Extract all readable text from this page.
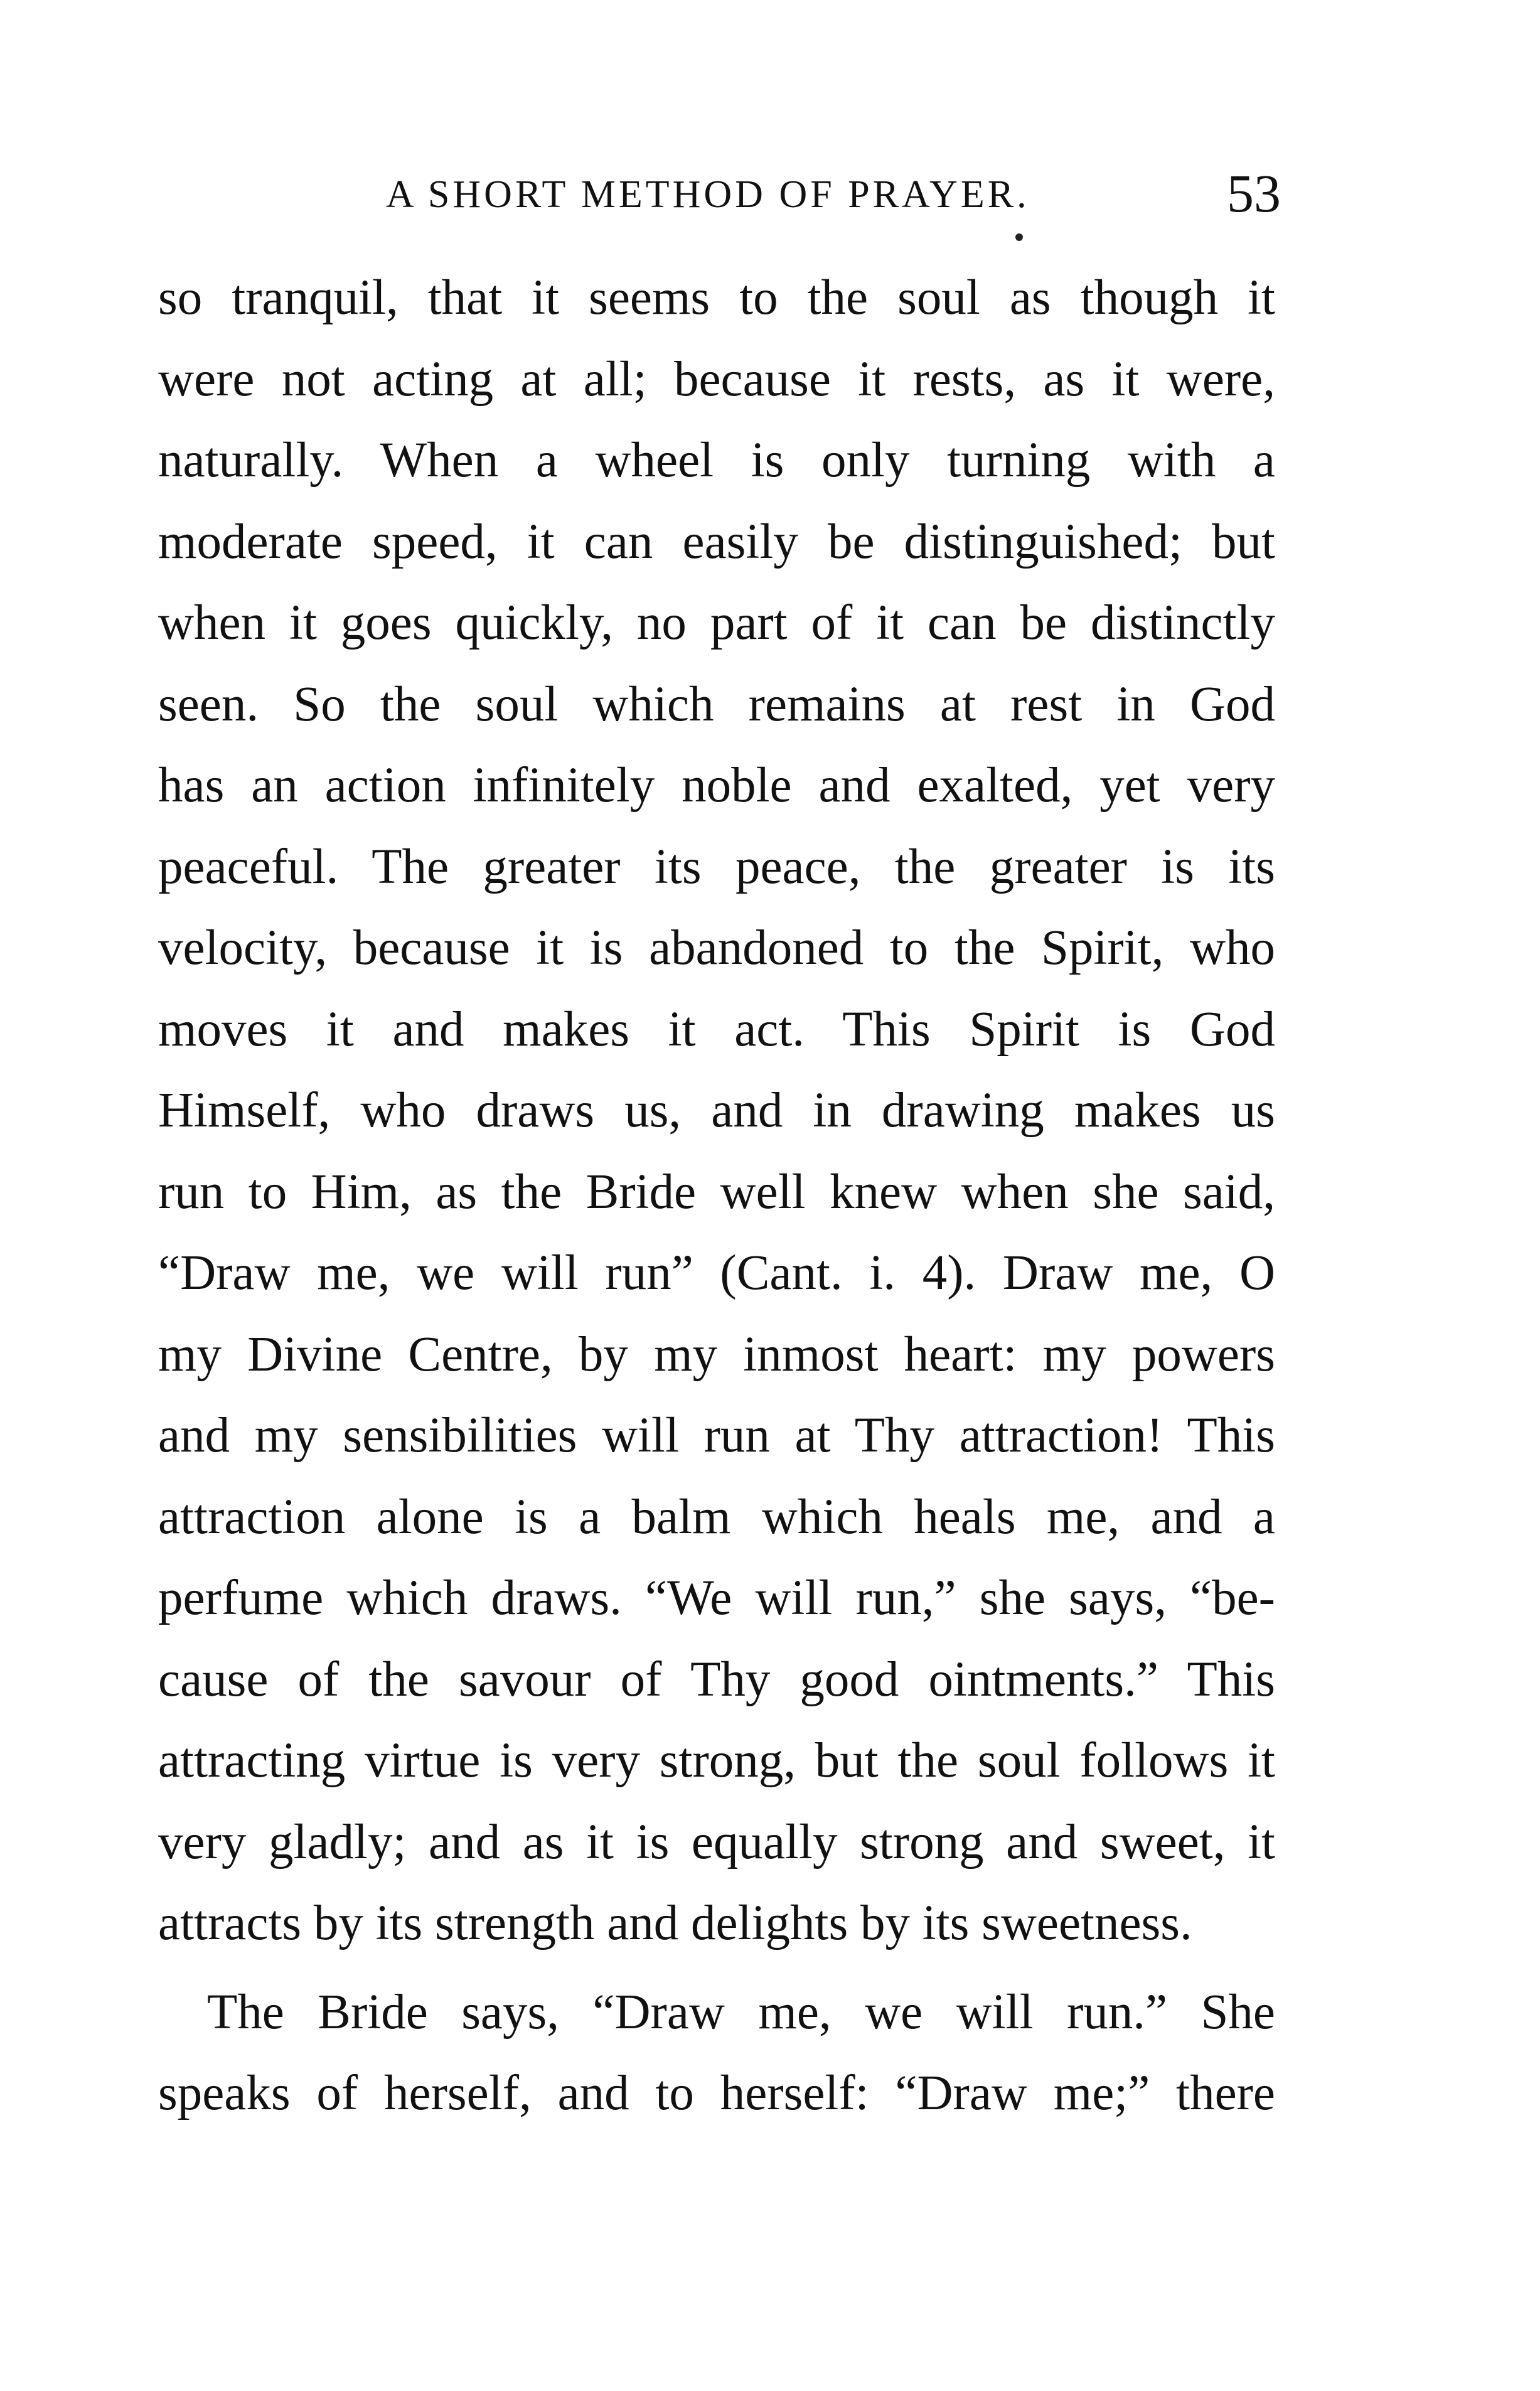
A SHORT METHOD OF PRAYER.	53
so tranquil, that it seems to the soul as though it
were not acting at all; because it rests, as it were,
naturally. When a wheel is only turning with a
moderate speed, it can easily be distinguished; but
when it goes quickly, no part of it can be distinctly
seen. So the soul which remains at rest in God
has an action infinitely noble and exalted, yet very
peaceful. The greater its peace, the greater is its
velocity, because it is abandoned to the Spirit, who
moves it and makes it act. This Spirit is God
Himself, who draws us, and in drawing makes us
run to Him, as the Bride well knew when she said,
“Draw me, we will run” (Cant. i. 4). Draw me, O
my Divine Centre, by my inmost heart: my powers
and my sensibilities will run at Thy attraction! This
attraction alone is a balm which heals me, and a
perfume which draws. “We will run,” she says, “be-
cause of the savour of Thy good ointments.” This
attracting virtue is very strong, but the soul follows it
very gladly; and as it is equally strong and sweet, it
attracts by its strength and delights by its sweetness.
The Bride says, “Draw me, we will run.” She
speaks of herself, and to herself: “Draw me;” there
